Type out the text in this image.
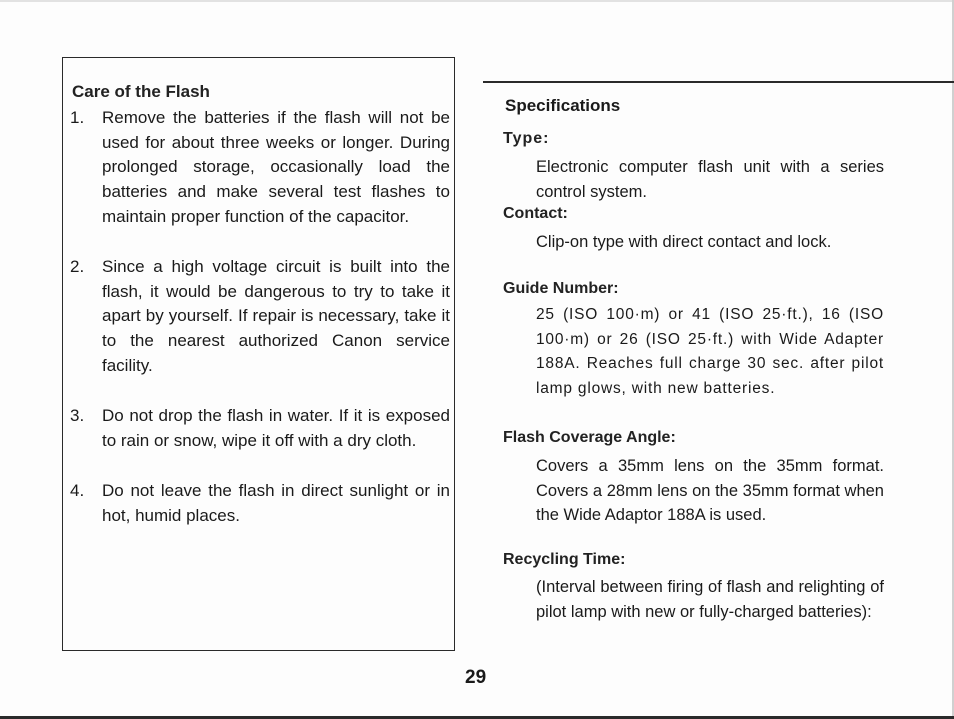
Care of the Flash
1. Remove the batteries if the flash will not be used for about three weeks or longer. During prolonged storage, occasionally load the batteries and make several test flashes to maintain proper function of the capacitor.
2. Since a high voltage circuit is built into the flash, it would be dangerous to try to take it apart by yourself. If repair is necessary, take it to the nearest authorized Canon service facility.
3. Do not drop the flash in water. If it is exposed to rain or snow, wipe it off with a dry cloth.
4. Do not leave the flash in direct sunlight or in hot, humid places.
Specifications
Type:
Electronic computer flash unit with a series control system.
Contact:
Clip-on type with direct contact and lock.
Guide Number:
25 (ISO 100·m) or 41 (ISO 25·ft.), 16 (ISO 100·m) or 26 (ISO 25·ft.) with Wide Adapter 188A. Reaches full charge 30 sec. after pilot lamp glows, with new batteries.
Flash Coverage Angle:
Covers a 35mm lens on the 35mm format. Covers a 28mm lens on the 35mm format when the Wide Adaptor 188A is used.
Recycling Time:
(Interval between firing of flash and relighting of pilot lamp with new or fully-charged batteries):
29
